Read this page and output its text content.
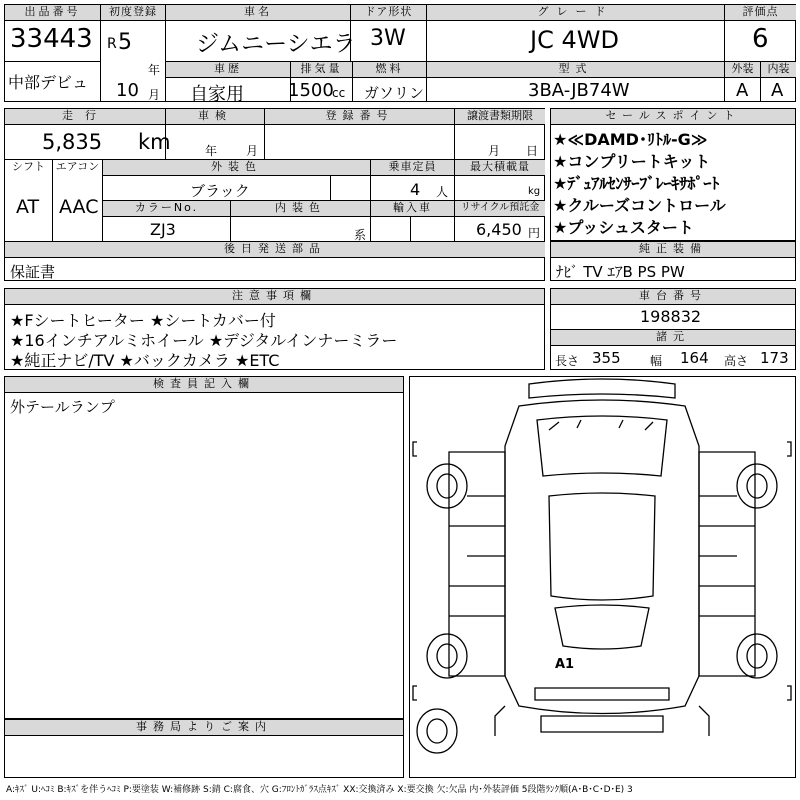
出品番号
33443
中部デビュ
初度登録
R 5
年
10 月
車名
ジムニーシエラ
ドア形状
3W
グレード
JC 4WD
評価点
6
車歴
自家用
排気量
1500
cc
燃料
ガソリン
型式
3BA-JB74W
外装
A
内装
A
走行
5,835 km
車検
年 月
登録番号	譲渡書類期限
月 日
シフト
AT
エアコン
AAC
外装色
ブラック
乗車定員
4 人
最大積載量
kg
カラーNo.
ZJ3
内装色
系
輸入車	リサイクル預託金
6,450 円
後日発送部品
保証書
セールスポイント
★≪DAMD･ﾘﾄﾙ-G≫
★コンプリートキット
★ﾃﾞｭｱﾙｾﾝｻｰﾌﾞﾚｰｷｻﾎﾟｰﾄ
★クルーズコントロール
★プッシュスタート
純正装備
ﾅﾋﾞ TV ｴｱB PS PW
注意事項欄
★Fシートヒーター ★シートカバー付
★16インチアルミホイール ★デジタルインナーミラー
★純正ナビ/TV ★バックカメラ ★ETC
車台番号
198832
諸元
長さ 355 幅 164 高さ 173
検査員記入欄
外テールランプ
事務局よりご案内
A1
A:ｷｽﾞ U:ﾍｺﾐ B:ｷｽﾞを伴うﾍｺﾐ P:要塗装 W:補修跡 S:錆 C:腐食、穴 G:ﾌﾛﾝﾄｶﾞﾗｽ点ｷｽﾞ XX:交換済み X:要交換 欠:欠品 内･外装評価 5段階ﾗﾝｸ順(A･B･C･D･E) 3
